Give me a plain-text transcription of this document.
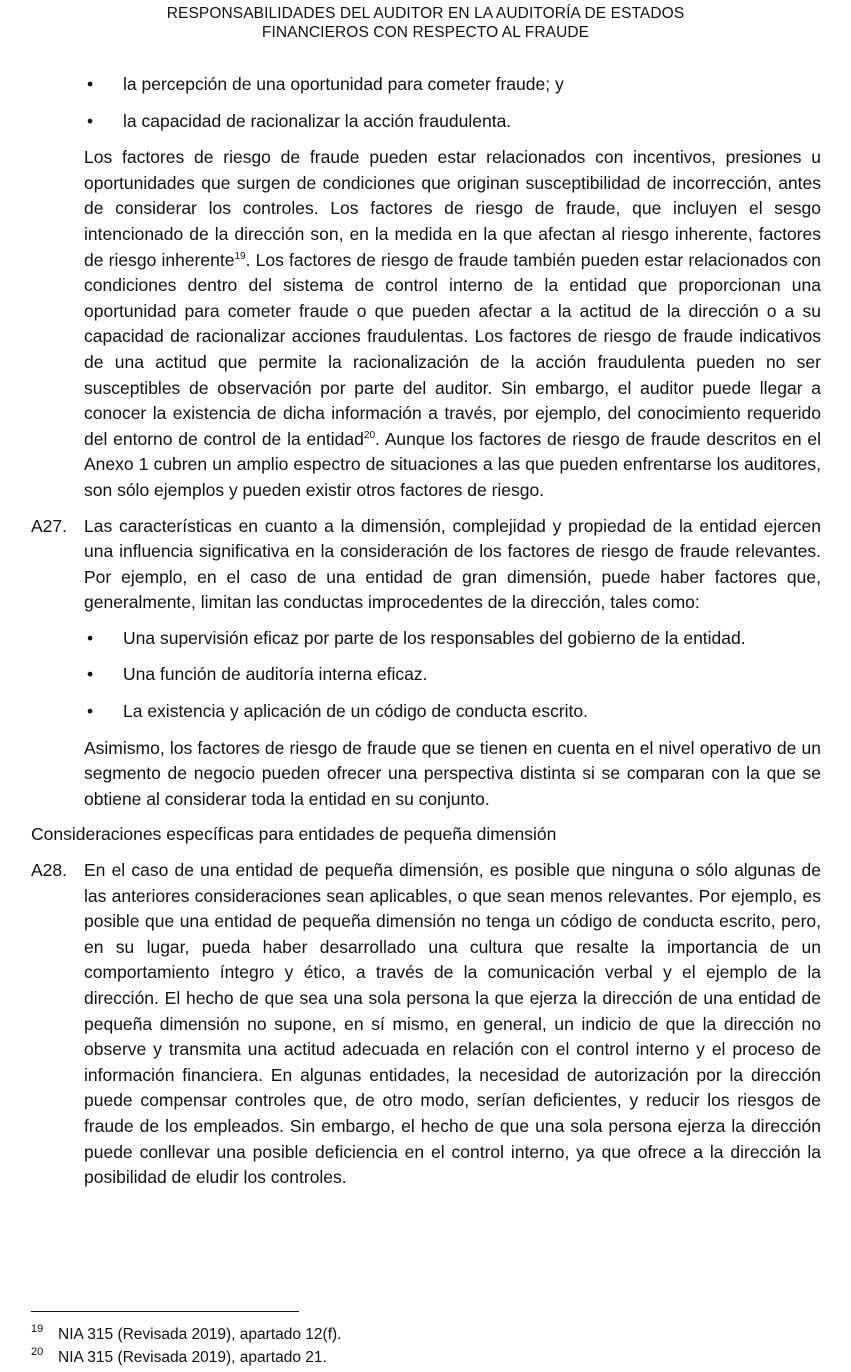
RESPONSABILIDADES DEL AUDITOR EN LA AUDITORÍA DE ESTADOS
FINANCIEROS CON RESPECTO AL FRAUDE
• la percepción de una oportunidad para cometer fraude; y
• la capacidad de racionalizar la acción fraudulenta.

Los factores de riesgo de fraude pueden estar relacionados con incentivos, presiones u oportunidades que surgen de condiciones que originan susceptibilidad de incorrección, antes de considerar los controles. Los factores de riesgo de fraude, que incluyen el sesgo intencionado de la dirección son, en la medida en la que afectan al riesgo inherente, factores de riesgo inherente$^{19}$. Los factores de riesgo de fraude también pueden estar relacionados con condiciones dentro del sistema de control interno de la entidad que proporcionan una oportunidad para cometer fraude o que pueden afectar a la actitud de la dirección o a su capacidad de racionalizar acciones fraudulentas. Los factores de riesgo de fraude indicativos de una actitud que permite la racionalización de la acción fraudulenta pueden no ser susceptibles de observación por parte del auditor. Sin embargo, el auditor puede llegar a conocer la existencia de dicha información a través, por ejemplo, del conocimiento requerido del entorno de control de la entidad$^{20}$. Aunque los factores de riesgo de fraude descritos en el Anexo 1 cubren un amplio espectro de situaciones a las que pueden enfrentarse los auditores, son sólo ejemplos y pueden existir otros factores de riesgo.

A27. Las características en cuanto a la dimensión, complejidad y propiedad de la entidad ejercen una influencia significativa en la consideración de los factores de riesgo de fraude relevantes. Por ejemplo, en el caso de una entidad de gran dimensión, puede haber factores que, generalmente, limitan las conductas improcedentes de la dirección, tales como:
• Una supervisión eficaz por parte de los responsables del gobierno de la entidad.
• Una función de auditoría interna eficaz.
• La existencia y aplicación de un código de conducta escrito.

Asimismo, los factores de riesgo de fraude que se tienen en cuenta en el nivel operativo de un segmento de negocio pueden ofrecer una perspectiva distinta si se comparan con la que se obtiene al considerar toda la entidad en su conjunto.

Consideraciones específicas para entidades de pequeña dimensión
A28. En el caso de una entidad de pequeña dimensión, es posible que ninguna o sólo algunas de las anteriores consideraciones sean aplicables, o que sean menos relevantes. Por ejemplo, es posible que una entidad de pequeña dimensión no tenga un código de conducta escrito, pero, en su lugar, pueda haber desarrollado una cultura que resalte la importancia de un comportamiento íntegro y ético, a través de la comunicación verbal y el ejemplo de la dirección. El hecho de que sea una sola persona la que ejerza la dirección de una entidad de pequeña dimensión no supone, en sí mismo, en general, un indicio de que la dirección no observe y transmita una actitud adecuada en relación con el control interno y el proceso de información financiera. En algunas entidades, la necesidad de autorización por la dirección puede compensar controles que, de otro modo, serían deficientes, y reducir los riesgos de fraude de los empleados. Sin embargo, el hecho de que una sola persona ejerza la dirección puede conllevar una posible deficiencia en el control interno, ya que ofrece a la dirección la posibilidad de eludir los controles.
19 NIA 315 (Revisada 2019), apartado 12(f).
20 NIA 315 (Revisada 2019), apartado 21.
